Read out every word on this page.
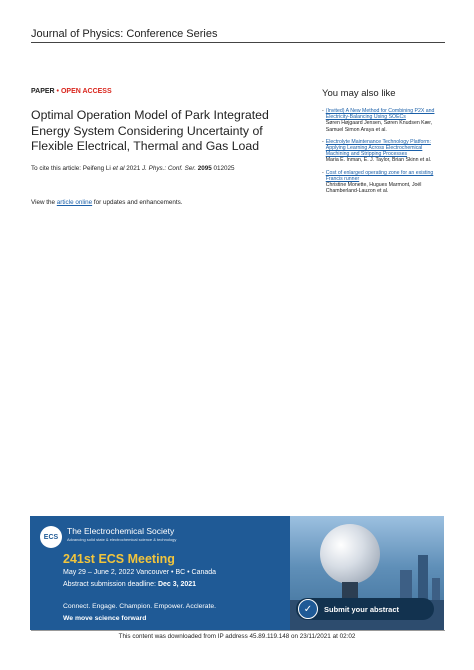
Journal of Physics: Conference Series
PAPER • OPEN ACCESS
Optimal Operation Model of Park Integrated Energy System Considering Uncertainty of Flexible Electrical, Thermal and Gas Load
To cite this article: Peifeng Li et al 2021 J. Phys.: Conf. Ser. 2095 012025
View the article online for updates and enhancements.
You may also like
- (Invited) A New Method for Combining P2X and Electricity-Balancing Using SOECs
Søren Højgaard Jensen, Søren Knudsen Kær, Samuel Simon Araya et al.
- Electrolyte Maintenance Technology Platform: Applying Learning Across Electrochemical Machining and Stripping Processes
Maria E. Inman, E. J. Taylor, Brian Skinn et al.
- Cost of enlarged operating zone for an existing Francis runner
Christine Monette, Hugues Marmont, Joël Chamberland-Lauzon et al.
ECS
The Electrochemical Society
Advancing solid state & electrochemical science & technology
241st ECS Meeting
May 29 – June 2, 2022 Vancouver • BC • Canada
Abstract submission deadline: Dec 3, 2021
Connect. Engage. Champion. Empower. Acclerate.
We move science forward
✓	Submit your abstract
This content was downloaded from IP address 45.89.119.148 on 23/11/2021 at 02:02
